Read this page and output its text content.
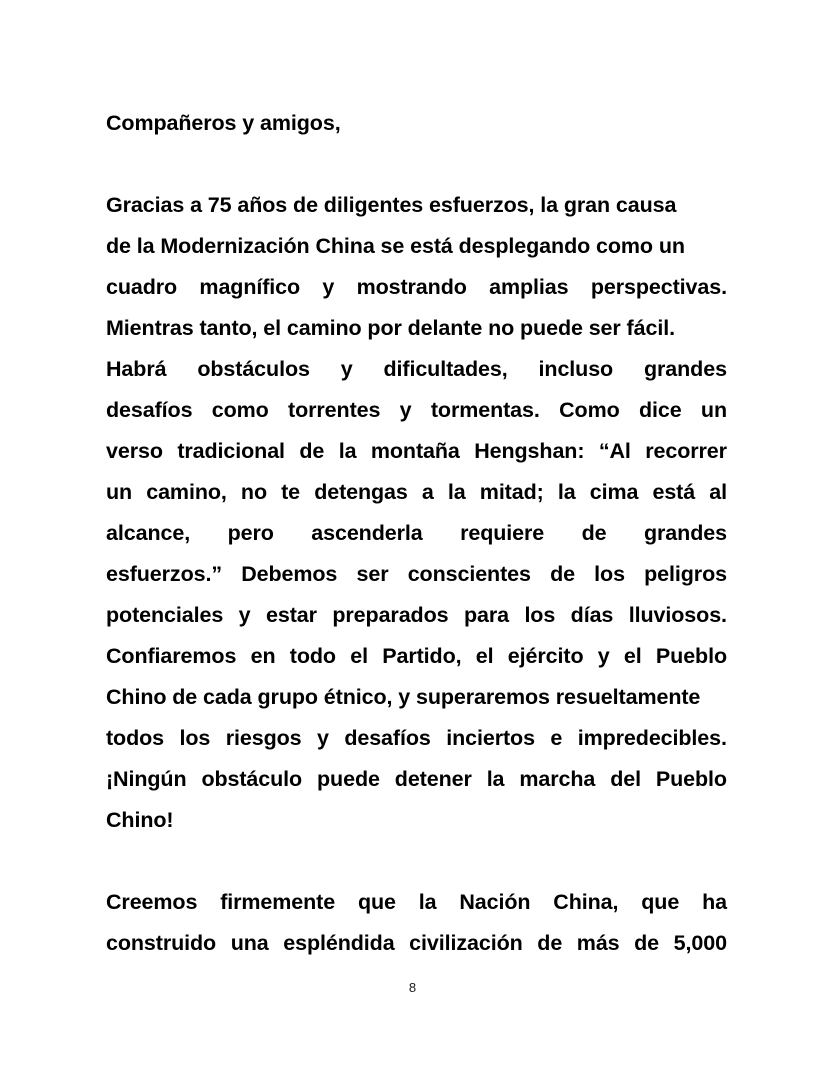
Compañeros y amigos,
Gracias a 75 años de diligentes esfuerzos, la gran causa
de la Modernización China se está desplegando como un
cuadro magnífico y mostrando amplias perspectivas.
Mientras tanto, el camino por delante no puede ser fácil.
Habrá obstáculos y dificultades, incluso grandes
desafíos como torrentes y tormentas. Como dice un
verso tradicional de la montaña Hengshan: “Al recorrer
un camino, no te detengas a la mitad; la cima está al
alcance, pero ascenderla requiere de grandes
esfuerzos.” Debemos ser conscientes de los peligros
potenciales y estar preparados para los días lluviosos.
Confiaremos en todo el Partido, el ejército y el Pueblo
Chino de cada grupo étnico, y superaremos resueltamente
todos los riesgos y desafíos inciertos e impredecibles.
¡Ningún obstáculo puede detener la marcha del Pueblo
Chino!
Creemos firmemente que la Nación China, que ha
construido una espléndida civilización de más de 5,000
8
